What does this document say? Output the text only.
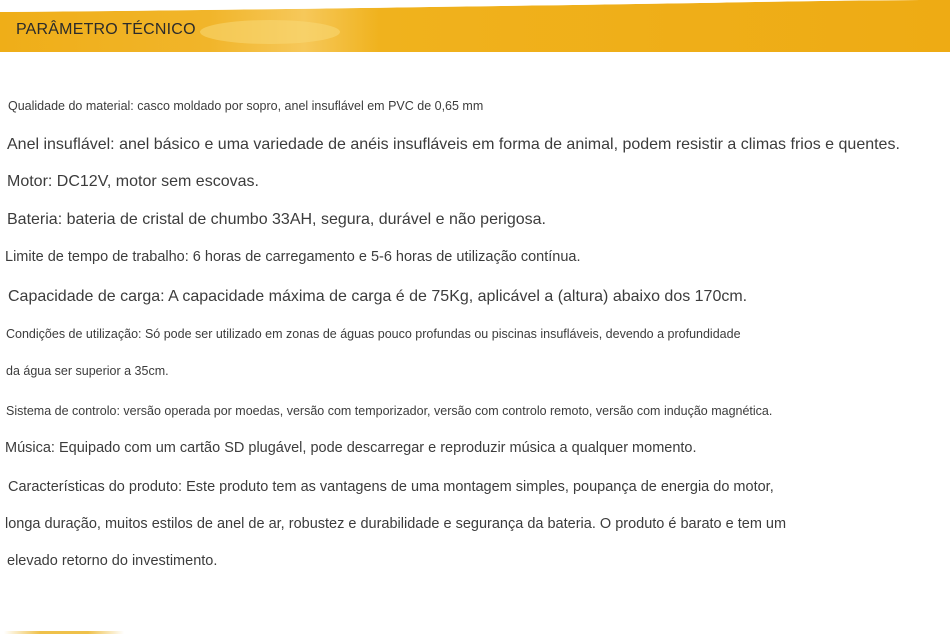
PARÂMETRO TÉCNICO
Qualidade do material: casco moldado por sopro, anel insuflável em PVC de 0,65 mm
Anel insuflável: anel básico e uma variedade de anéis insufláveis em forma de animal, podem resistir a climas frios e quentes.
Motor: DC12V, motor sem escovas.
Bateria: bateria de cristal de chumbo 33AH, segura, durável e não perigosa.
Limite de tempo de trabalho: 6 horas de carregamento e 5-6 horas de utilização contínua.
Capacidade de carga: A capacidade máxima de carga é de 75Kg, aplicável a (altura) abaixo dos 170cm.
Condições de utilização: Só pode ser utilizado em zonas de águas pouco profundas ou piscinas insufláveis, devendo a profundidade
da água ser superior a 35cm.
Sistema de controlo: versão operada por moedas, versão com temporizador, versão com controlo remoto, versão com indução magnética.
Música: Equipado com um cartão SD plugável, pode descarregar e reproduzir música a qualquer momento.
Características do produto: Este produto tem as vantagens de uma montagem simples, poupança de energia do motor,
longa duração, muitos estilos de anel de ar, robustez e durabilidade e segurança da bateria. O produto é barato e tem um
elevado retorno do investimento.
